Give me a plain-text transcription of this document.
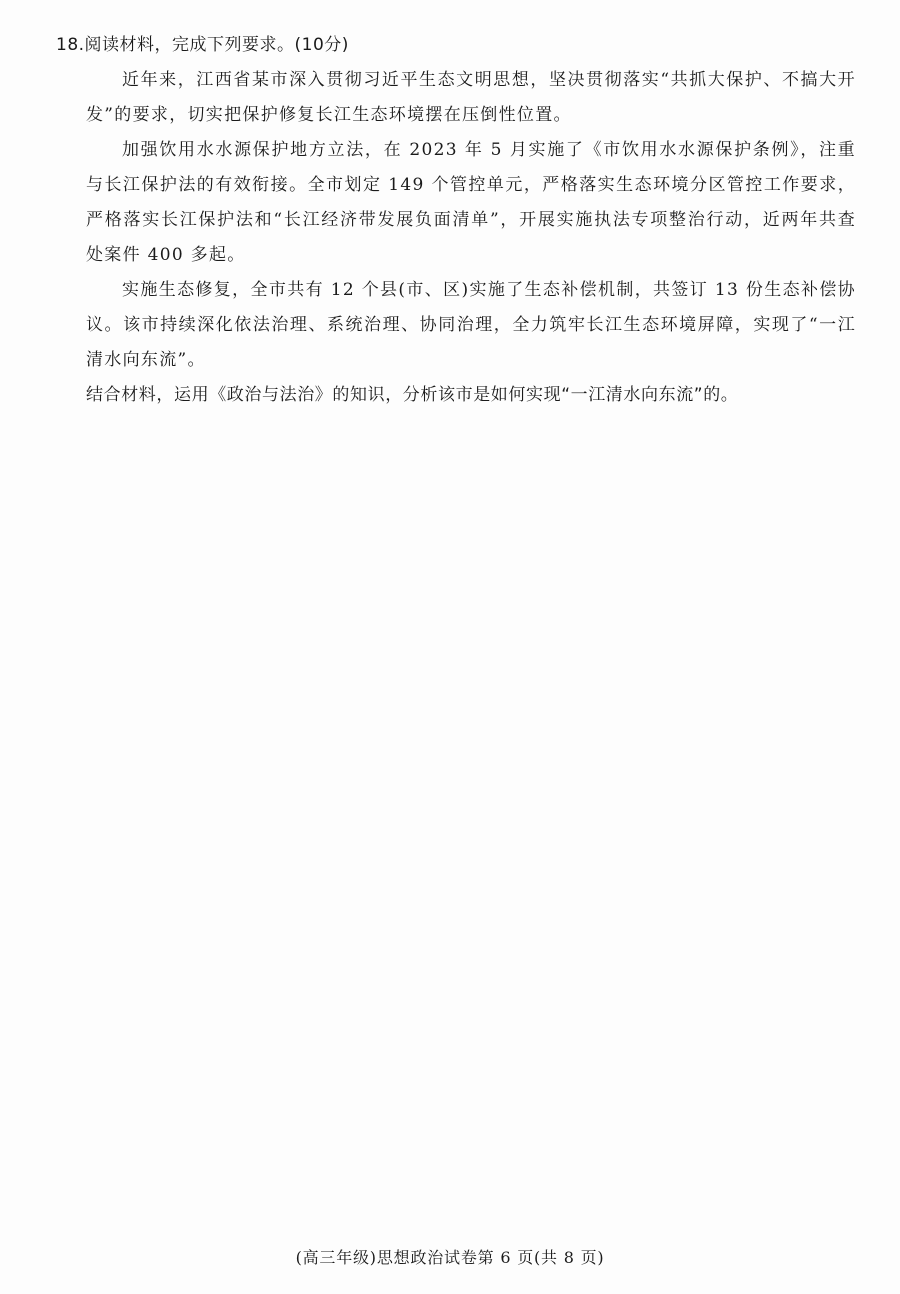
18.阅读材料，完成下列要求。(10分)

近年来，江西省某市深入贯彻习近平生态文明思想，坚决贯彻落实“共抓大保护、不搞大开发”的要求，切实把保护修复长江生态环境摆在压倒性位置。

加强饮用水水源保护地方立法，在 2023 年 5 月实施了《市饮用水水源保护条例》，注重与长江保护法的有效衔接。全市划定 149 个管控单元，严格落实生态环境分区管控工作要求，严格落实长江保护法和“长江经济带发展负面清单”，开展实施执法专项整治行动，近两年共查处案件 400 多起。

实施生态修复，全市共有 12 个县(市、区)实施了生态补偿机制，共签订 13 份生态补偿协议。该市持续深化依法治理、系统治理、协同治理，全力筑牢长江生态环境屏障，实现了“一江清水向东流”。

结合材料，运用《政治与法治》的知识，分析该市是如何实现“一江清水向东流”的。

(高三年级)思想政治试卷第 6 页(共 8 页)
